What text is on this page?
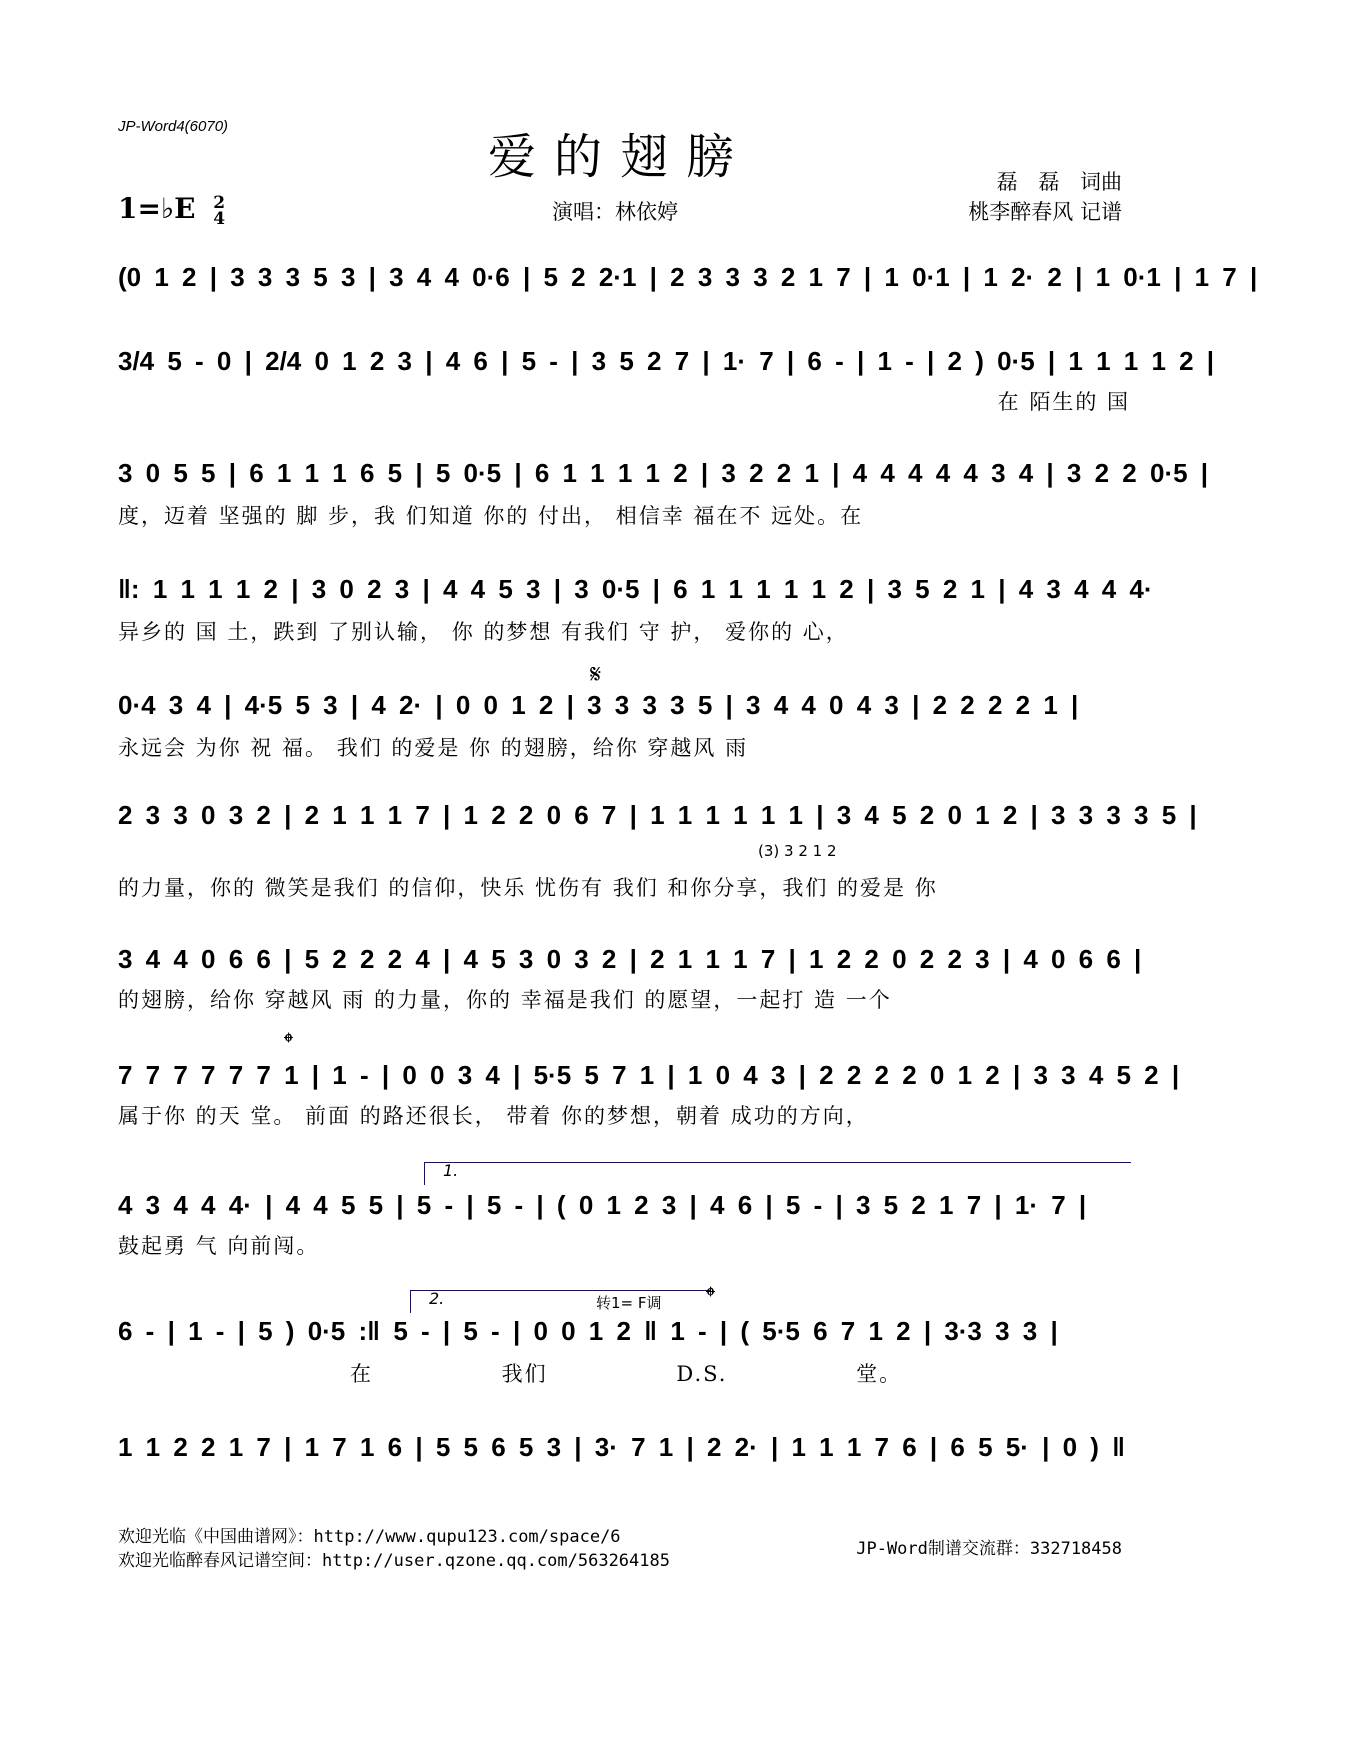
JP-Word4(6070)
爱的翅膀
演唱：林依婷
磊 磊 词曲
桃李醉春风 记谱
1=♭E 2
4
(0 1 2 | 3 3 3 5 3 | 3 4 4 0·6 | 5 2 2·1 | 2 3 3 3 2 1 7 | 1 0·1 | 1 2· 2 | 1 0·1 | 1 7 |
3/4 5 - 0 | 2/4 0 1 2 3 | 4 6 | 5 - | 3 5 2 7 | 1· 7 | 6 - | 1 - | 2 ) 0·5 | 1 1 1 1 2 |
在 陌生的 国
3 0 5 5 | 6 1 1 1 6 5 | 5 0·5 | 6 1 1 1 1 2 | 3 2 2 1 | 4 4 4 4 4 3 4 | 3 2 2 0·5 |
度，迈着 坚强的 脚 步，我 们知道 你的 付出， 相信幸 福在不 远处。在
‖: 1 1 1 1 2 | 3 0 2 3 | 4 4 5 3 | 3 0·5 | 6 1 1 1 1 1 2 | 3 5 2 1 | 4 3 4 4 4·
异乡的 国 土，跌到 了别认输， 你 的梦想 有我们 守 护， 爱你的 心，
𝄋
0·4 3 4 | 4·5 5 3 | 4 2· | 0 0 1 2 | 3 3 3 3 5 | 3 4 4 0 4 3 | 2 2 2 2 1 |
永远会 为你 祝 福。 我们 的爱是 你 的翅膀，给你 穿越风 雨
2 3 3 0 3 2 | 2 1 1 1 7 | 1 2 2 0 6 7 | 1 1 1 1 1 1 | 3 4 5 2 0 1 2 | 3 3 3 3 5 |
(3) 3 2 1 2
的力量，你的 微笑是我们 的信仰，快乐 忧伤有 我们 和你分享，我们 的爱是 你
3 4 4 0 6 6 | 5 2 2 2 4 | 4 5 3 0 3 2 | 2 1 1 1 7 | 1 2 2 0 2 2 3 | 4 0 6 6 |
的翅膀，给你 穿越风 雨 的力量，你的 幸福是我们 的愿望，一起打 造 一个
𝄌
7 7 7 7 7 7 1 | 1 - | 0 0 3 4 | 5·5 5 7 1 | 1 0 4 3 | 2 2 2 2 0 1 2 | 3 3 4 5 2 |
属于你 的天 堂。 前面 的路还很长， 带着 你的梦想，朝着 成功的方向，
1.
4 3 4 4 4· | 4 4 5 5 | 5 - | 5 - | ( 0 1 2 3 | 4 6 | 5 - | 3 5 2 1 7 | 1· 7 |
鼓起勇 气 向前闯。
2.	转1= F调 𝄌
6 - | 1 - | 5 ) 0·5 :‖ 5 - | 5 - | 0 0 1 2 ‖ 1 - | ( 5·5 6 7 1 2 | 3·3 3 3 |
在 我们 D.S. 堂。
1 1 2 2 1 7 | 1 7 1 6 | 5 5 6 5 3 | 3· 7 1 | 2 2· | 1 1 1 7 6 | 6 5 5· | 0 ) ‖
欢迎光临《中国曲谱网》：http://www.qupu123.com/space/6
欢迎光临醉春风记谱空间：http://user.qzone.qq.com/563264185
JP-Word制谱交流群：332718458
